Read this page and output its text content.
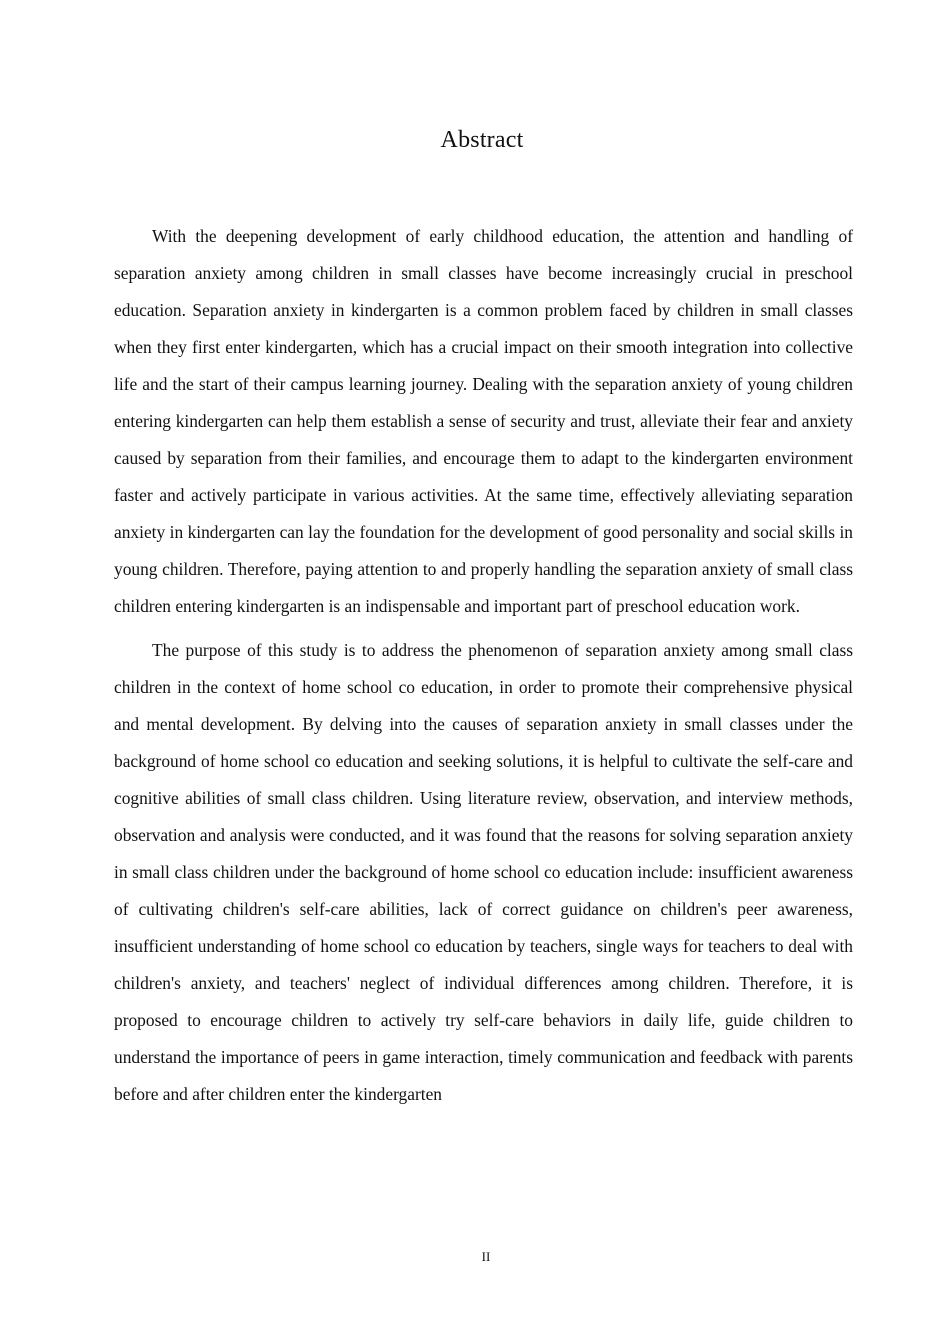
Abstract

With the deepening development of early childhood education, the attention and handling of separation anxiety among children in small classes have become increasingly crucial in preschool education. Separation anxiety in kindergarten is a common problem faced by children in small classes when they first enter kindergarten, which has a crucial impact on their smooth integration into collective life and the start of their campus learning journey. Dealing with the separation anxiety of young children entering kindergarten can help them establish a sense of security and trust, alleviate their fear and anxiety caused by separation from their families, and encourage them to adapt to the kindergarten environment faster and actively participate in various activities. At the same time, effectively alleviating separation anxiety in kindergarten can lay the foundation for the development of good personality and social skills in young children. Therefore, paying attention to and properly handling the separation anxiety of small class children entering kindergarten is an indispensable and important part of preschool education work.

The purpose of this study is to address the phenomenon of separation anxiety among small class children in the context of home school co education, in order to promote their comprehensive physical and mental development. By delving into the causes of separation anxiety in small classes under the background of home school co education and seeking solutions, it is helpful to cultivate the self-care and cognitive abilities of small class children. Using literature review, observation, and interview methods, observation and analysis were conducted, and it was found that the reasons for solving separation anxiety in small class children under the background of home school co education include: insufficient awareness of cultivating children's self-care abilities, lack of correct guidance on children's peer awareness, insufficient understanding of home school co education by teachers, single ways for teachers to deal with children's anxiety, and teachers' neglect of individual differences among children. Therefore, it is proposed to encourage children to actively try self-care behaviors in daily life, guide children to understand the importance of peers in game interaction, timely communication and feedback with parents before and after children enter the kindergarten

II
